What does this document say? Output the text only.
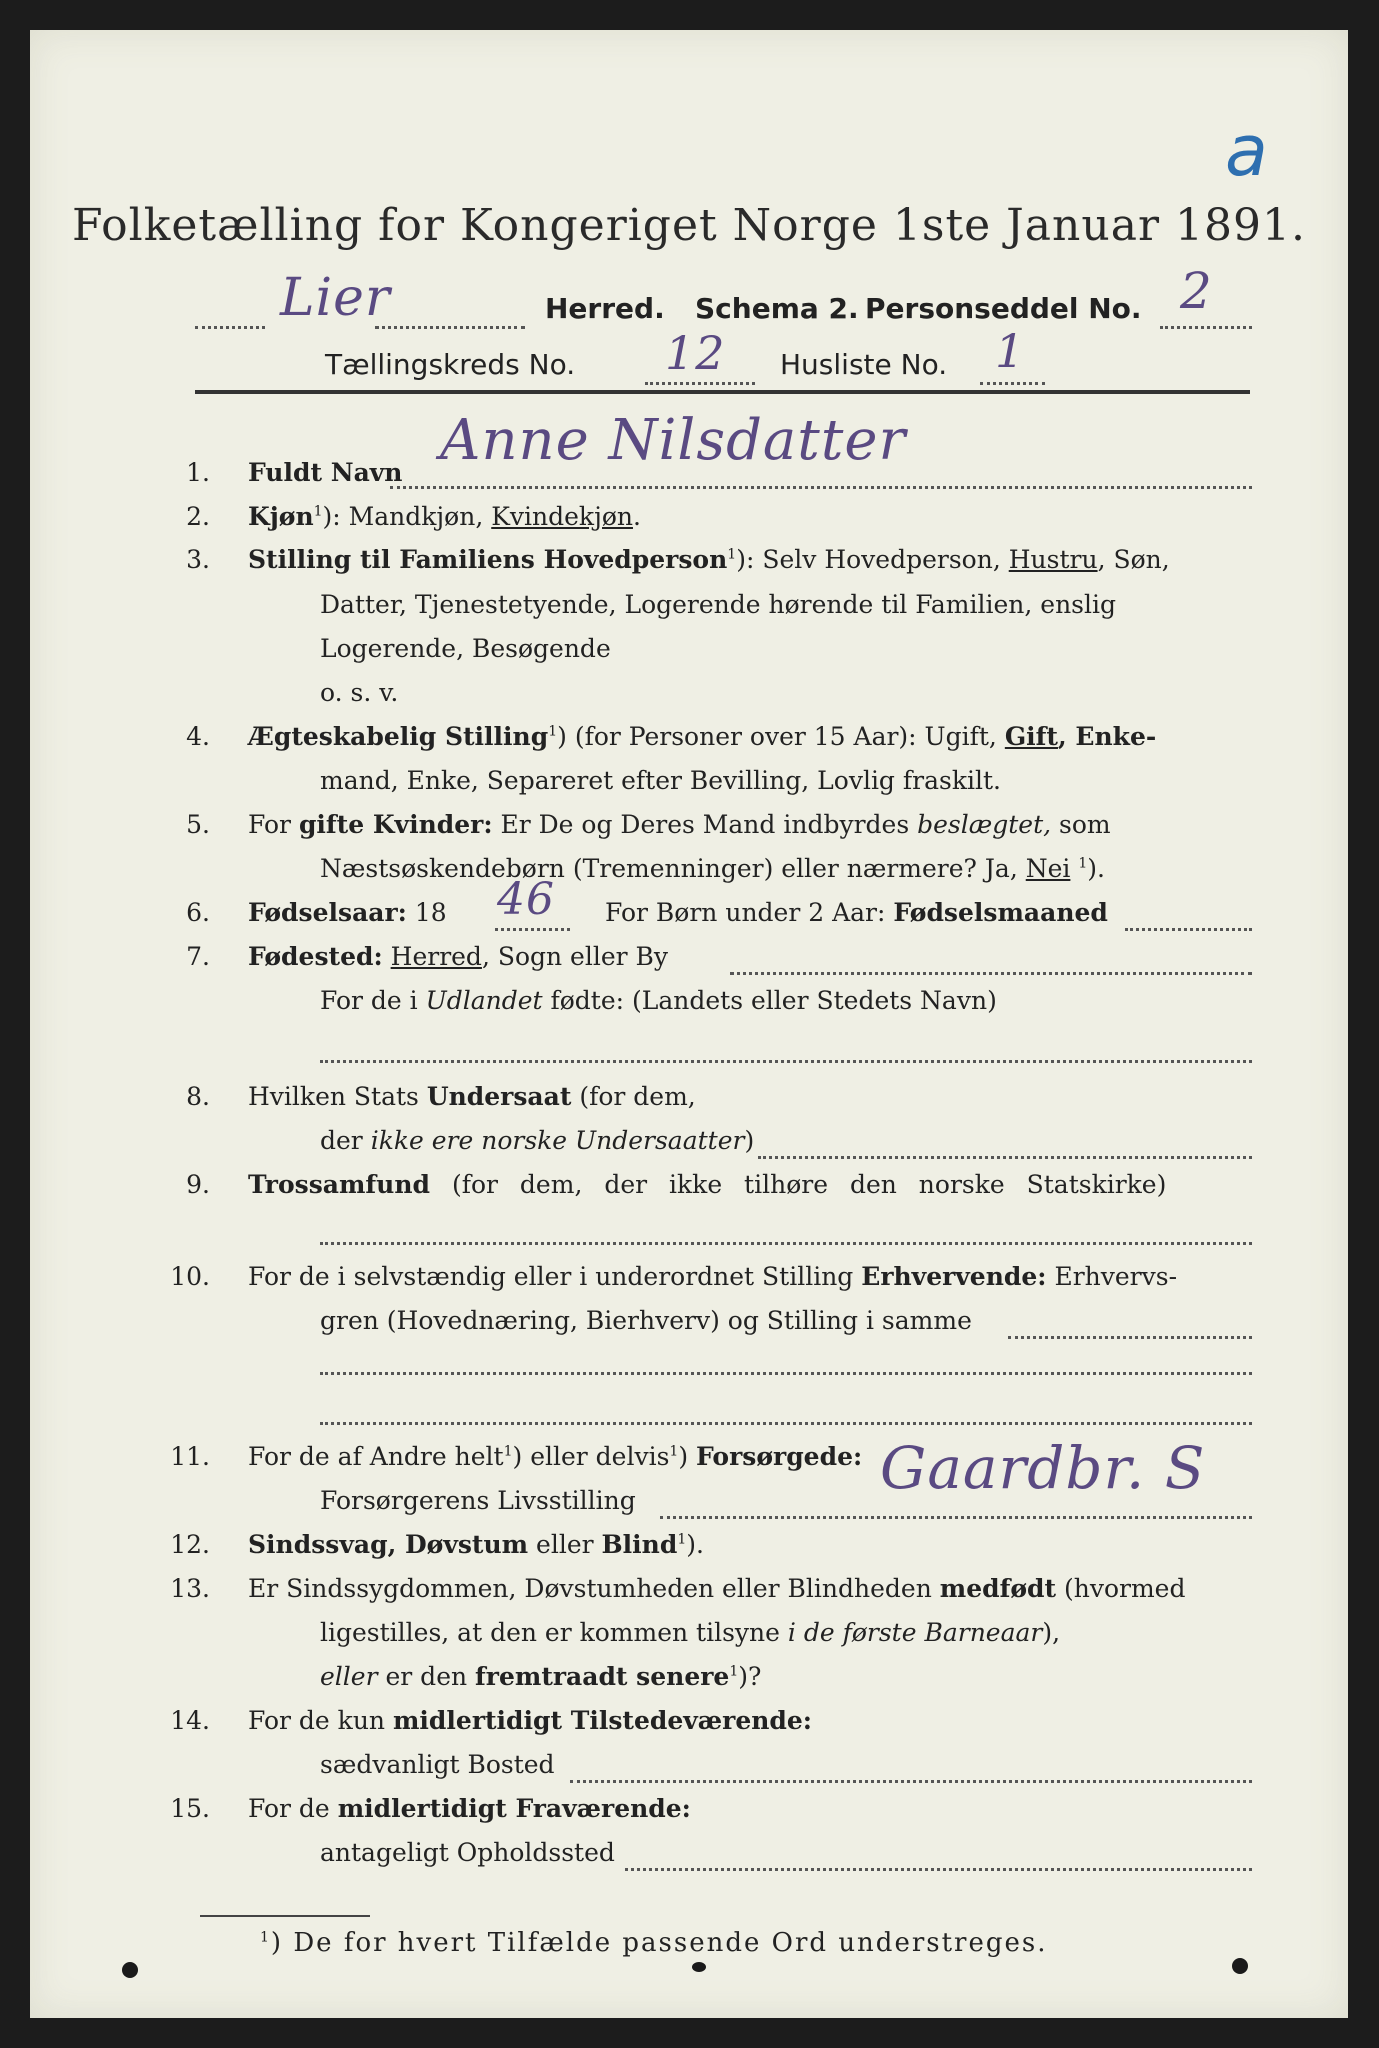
a
Folketælling for Kongeriget Norge 1ste Januar 1891.
Lier	Herred. Schema 2. Personseddel No. 2
Tællingskreds No. 12 Husliste No. 1
1. Fuldt Navn Anne Nilsdatter
2. Kjøn$^1$): Mandkjøn, Kvindekjøn.
3. Stilling til Familiens Hovedperson$^1$): Selv Hovedperson, Hustru, Søn,
Datter, Tjenestetyende, Logerende hørende til Familien, enslig
Logerende, Besøgende
o. s. v.
4. Ægteskabelig Stilling$^1$) (for Personer over 15 Aar): Ugift, Gift, Enke-
mand, Enke, Separeret efter Bevilling, Lovlig fraskilt.
5. For gifte Kvinder: Er De og Deres Mand indbyrdes beslægtet, som
Næstsøskendebørn (Tremenninger) eller nærmere? Ja, Nei $^1$).
6. Fødselsaar: 18 46 For Børn under 2 Aar: Fødselsmaaned
7. Fødested: Herred, Sogn eller By
For de i Udlandet fødte: (Landets eller Stedets Navn)
8. Hvilken Stats Undersaat (for dem,
der ikke ere norske Undersaatter)
9. Trossamfund (for dem, der ikke tilhøre den norske Statskirke)
10. For de i selvstændig eller i underordnet Stilling Erhvervende: Erhvervs-
gren (Hovednæring, Bierhverv) og Stilling i samme
11. For de af Andre helt$^1$) eller delvis$^1$) Forsørgede:
Forsørgerens Livsstilling	Gaardbr. S
12. Sindssvag, Døvstum eller Blind$^1$).
13. Er Sindssygdommen, Døvstumheden eller Blindheden medfødt (hvormed
ligestilles, at den er kommen tilsyne i de første Barneaar),
eller er den fremtraadt senere$^1$)?
14. For de kun midlertidigt Tilstedeværende:
sædvanligt Bosted
15. For de midlertidigt Fraværende:
antageligt Opholdssted
$^1$) De for hvert Tilfælde passende Ord understreges.
